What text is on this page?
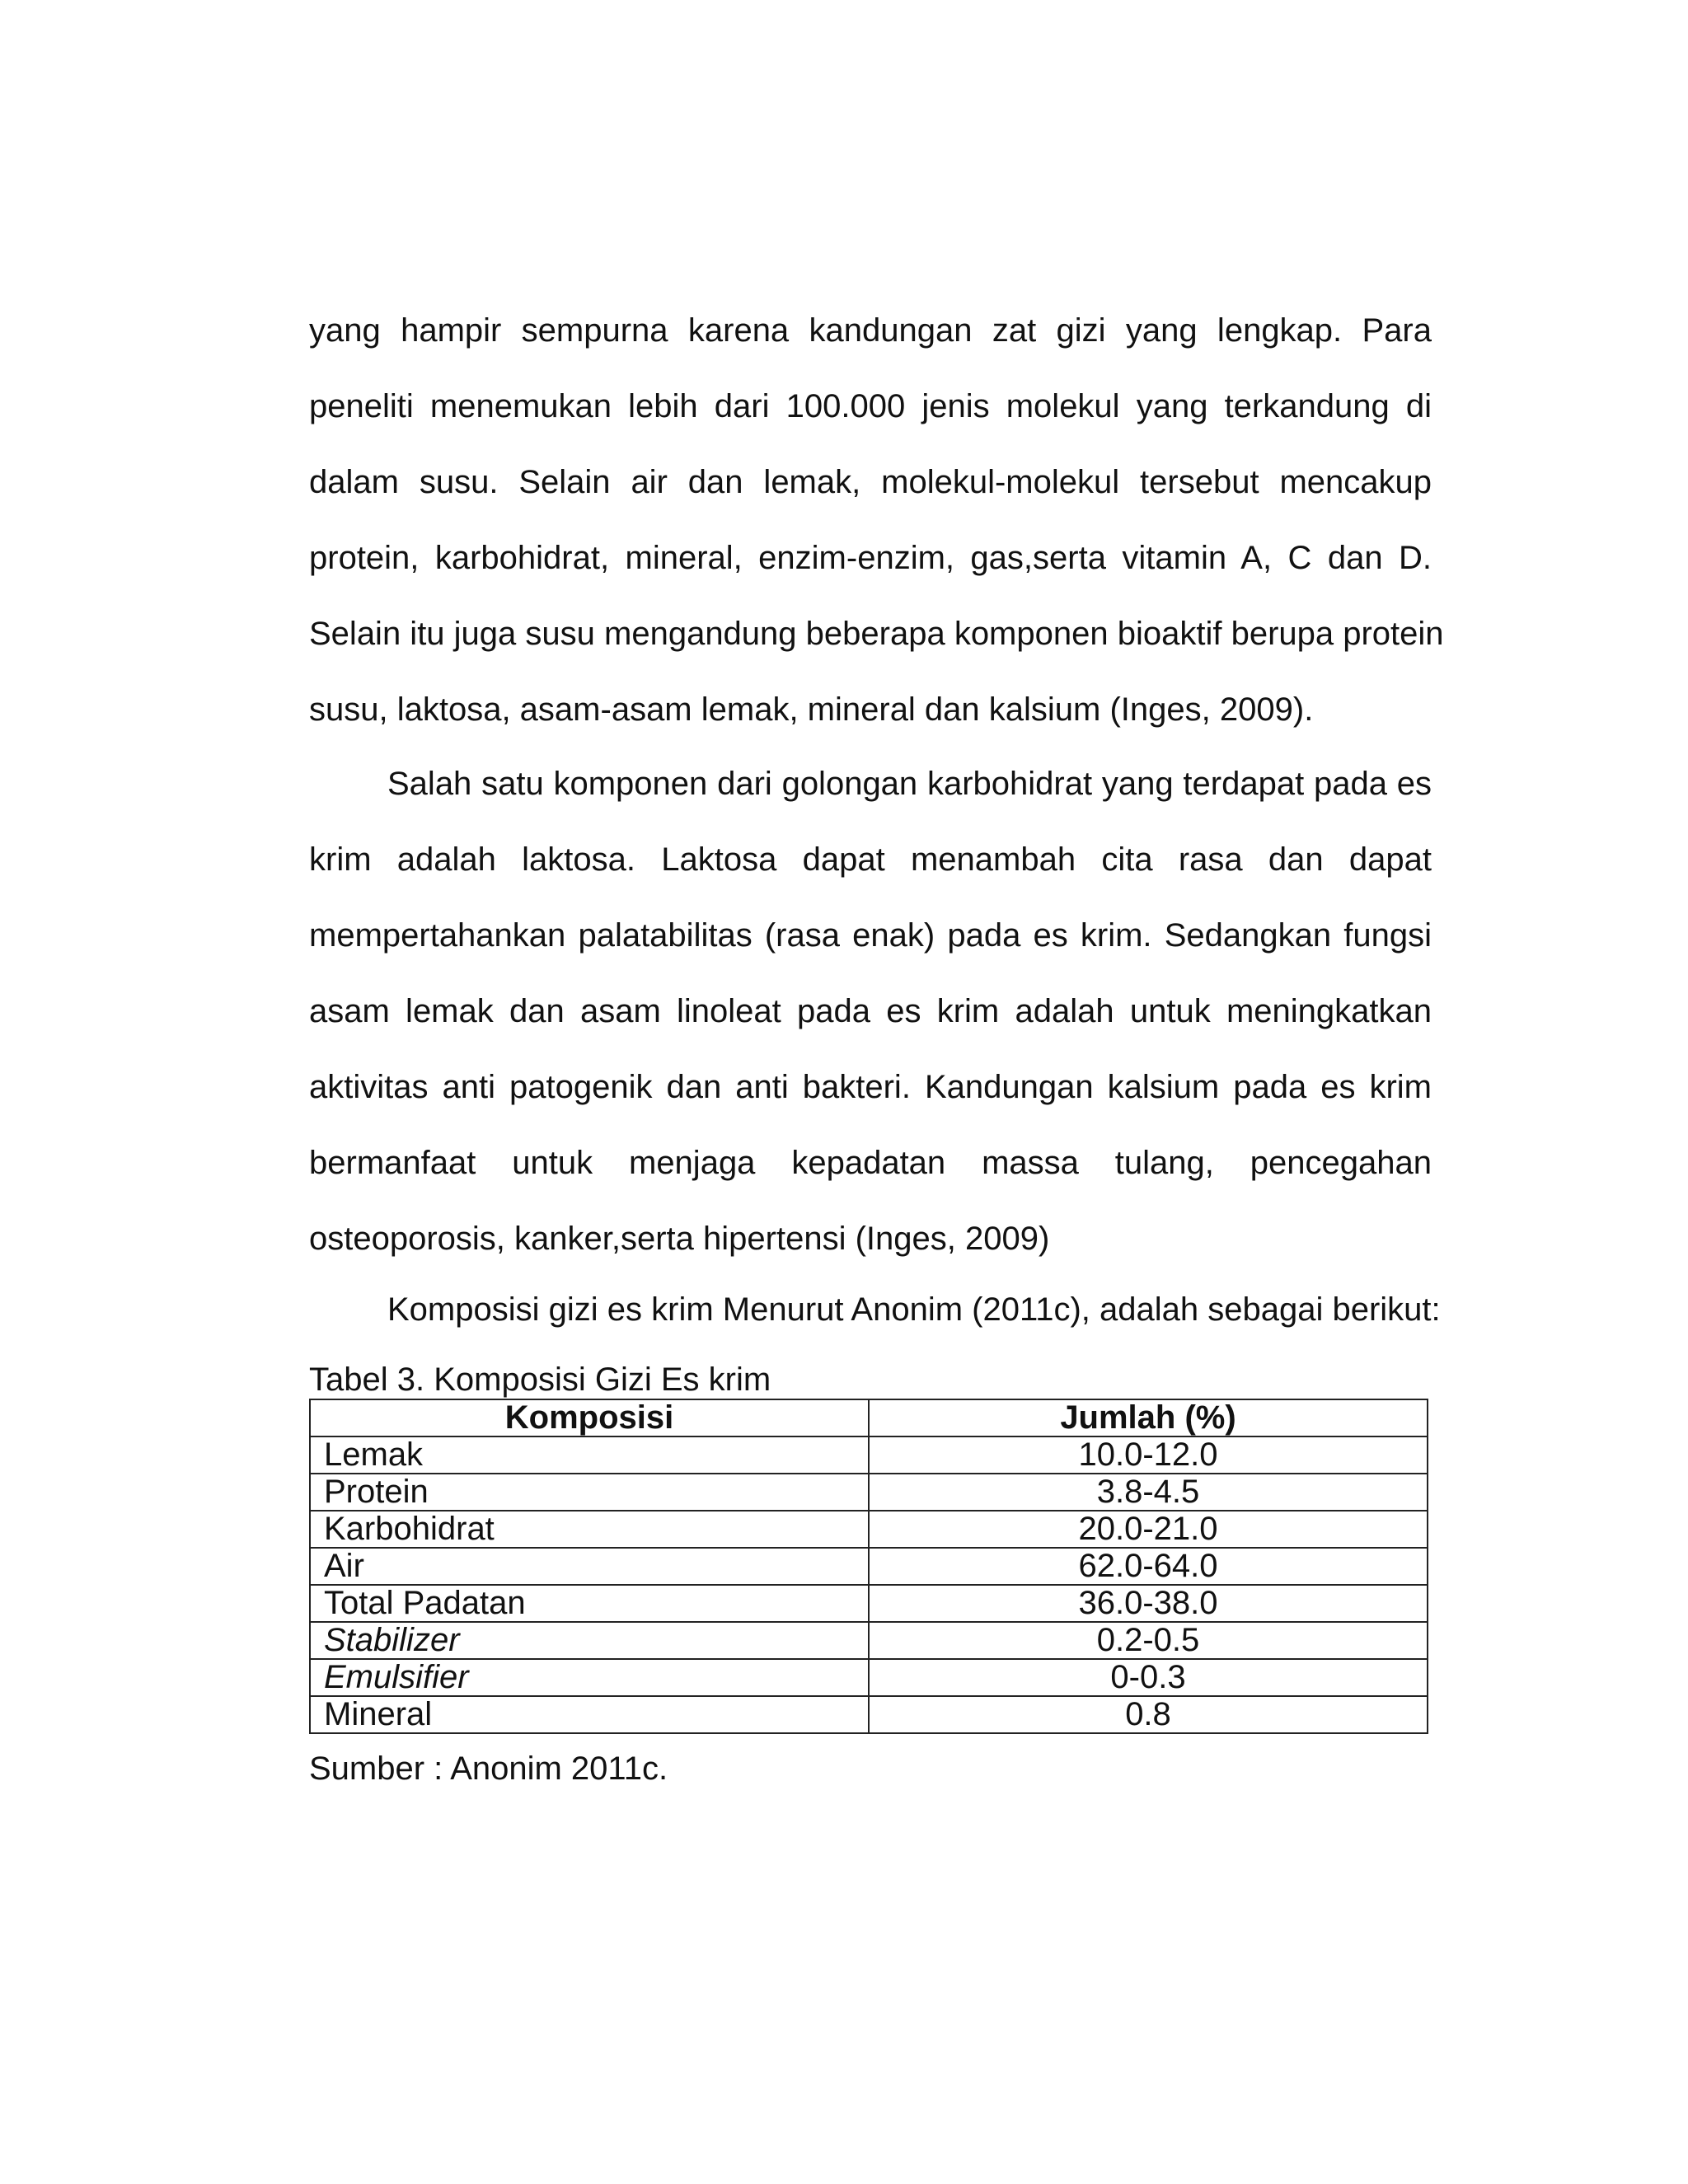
yang hampir sempurna karena kandungan zat gizi yang lengkap. Para
peneliti menemukan lebih dari 100.000 jenis molekul yang terkandung di
dalam susu. Selain air dan lemak, molekul-molekul tersebut mencakup
protein, karbohidrat, mineral, enzim-enzim, gas,serta vitamin A, C dan D.
Selain itu juga susu mengandung beberapa komponen bioaktif berupa protein
susu, laktosa, asam-asam lemak, mineral dan kalsium (Inges, 2009).
Salah satu komponen dari golongan karbohidrat yang terdapat pada es
krim adalah laktosa. Laktosa dapat menambah cita rasa dan dapat
mempertahankan palatabilitas (rasa enak) pada es krim. Sedangkan fungsi
asam lemak dan asam linoleat pada es krim adalah untuk meningkatkan
aktivitas anti patogenik dan anti bakteri. Kandungan kalsium pada es krim
bermanfaat untuk menjaga kepadatan massa tulang, pencegahan
osteoporosis, kanker,serta hipertensi (Inges, 2009)
Komposisi gizi es krim Menurut Anonim (2011c), adalah sebagai berikut:
Tabel 3. Komposisi Gizi Es krim
Komposisi	Jumlah (%)
Lemak	10.0-12.0
Protein	3.8-4.5
Karbohidrat	20.0-21.0
Air	62.0-64.0
Total Padatan	36.0-38.0
Stabilizer	0.2-0.5
Emulsifier	0-0.3
Mineral	0.8
Sumber : Anonim 2011c.
